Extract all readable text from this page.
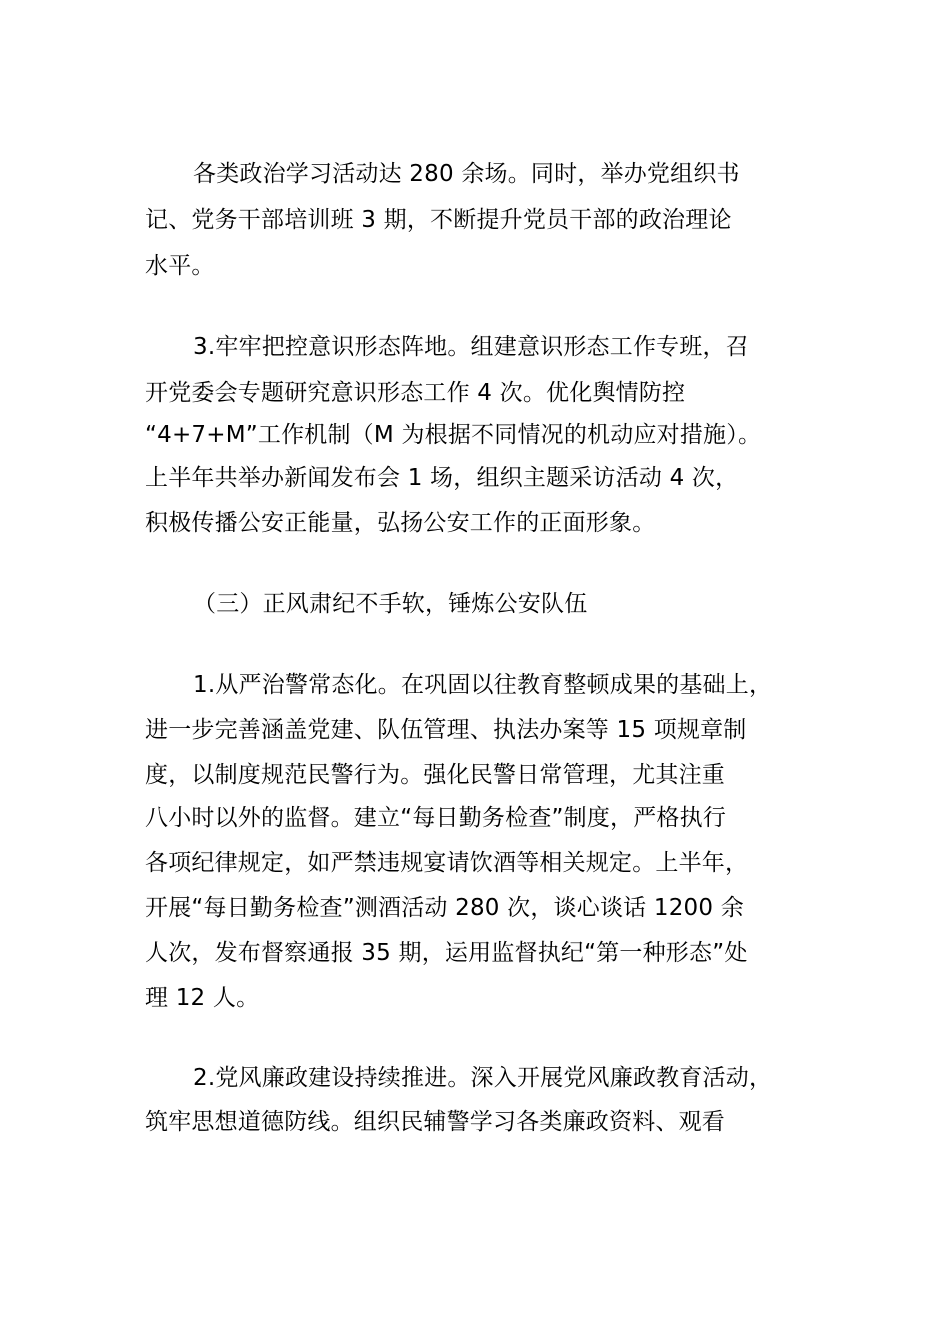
各类政治学习活动达 280 余场。同时，举办党组织书
记、党务干部培训班 3 期，不断提升党员干部的政治理论
水平。
3.牢牢把控意识形态阵地。组建意识形态工作专班，召
开党委会专题研究意识形态工作 4 次。优化舆情防控
“4+7+M”工作机制（M 为根据不同情况的机动应对措施）。
上半年共举办新闻发布会 1 场，组织主题采访活动 4 次，
积极传播公安正能量，弘扬公安工作的正面形象。
（三）正风肃纪不手软，锤炼公安队伍
1.从严治警常态化。在巩固以往教育整顿成果的基础上，
进一步完善涵盖党建、队伍管理、执法办案等 15 项规章制
度，以制度规范民警行为。强化民警日常管理，尤其注重
八小时以外的监督。建立“每日勤务检查”制度，严格执行
各项纪律规定，如严禁违规宴请饮酒等相关规定。上半年，
开展“每日勤务检查”测酒活动 280 次，谈心谈话 1200 余
人次，发布督察通报 35 期，运用监督执纪“第一种形态”处
理 12 人。
2.党风廉政建设持续推进。深入开展党风廉政教育活动，
筑牢思想道德防线。组织民辅警学习各类廉政资料、观看
